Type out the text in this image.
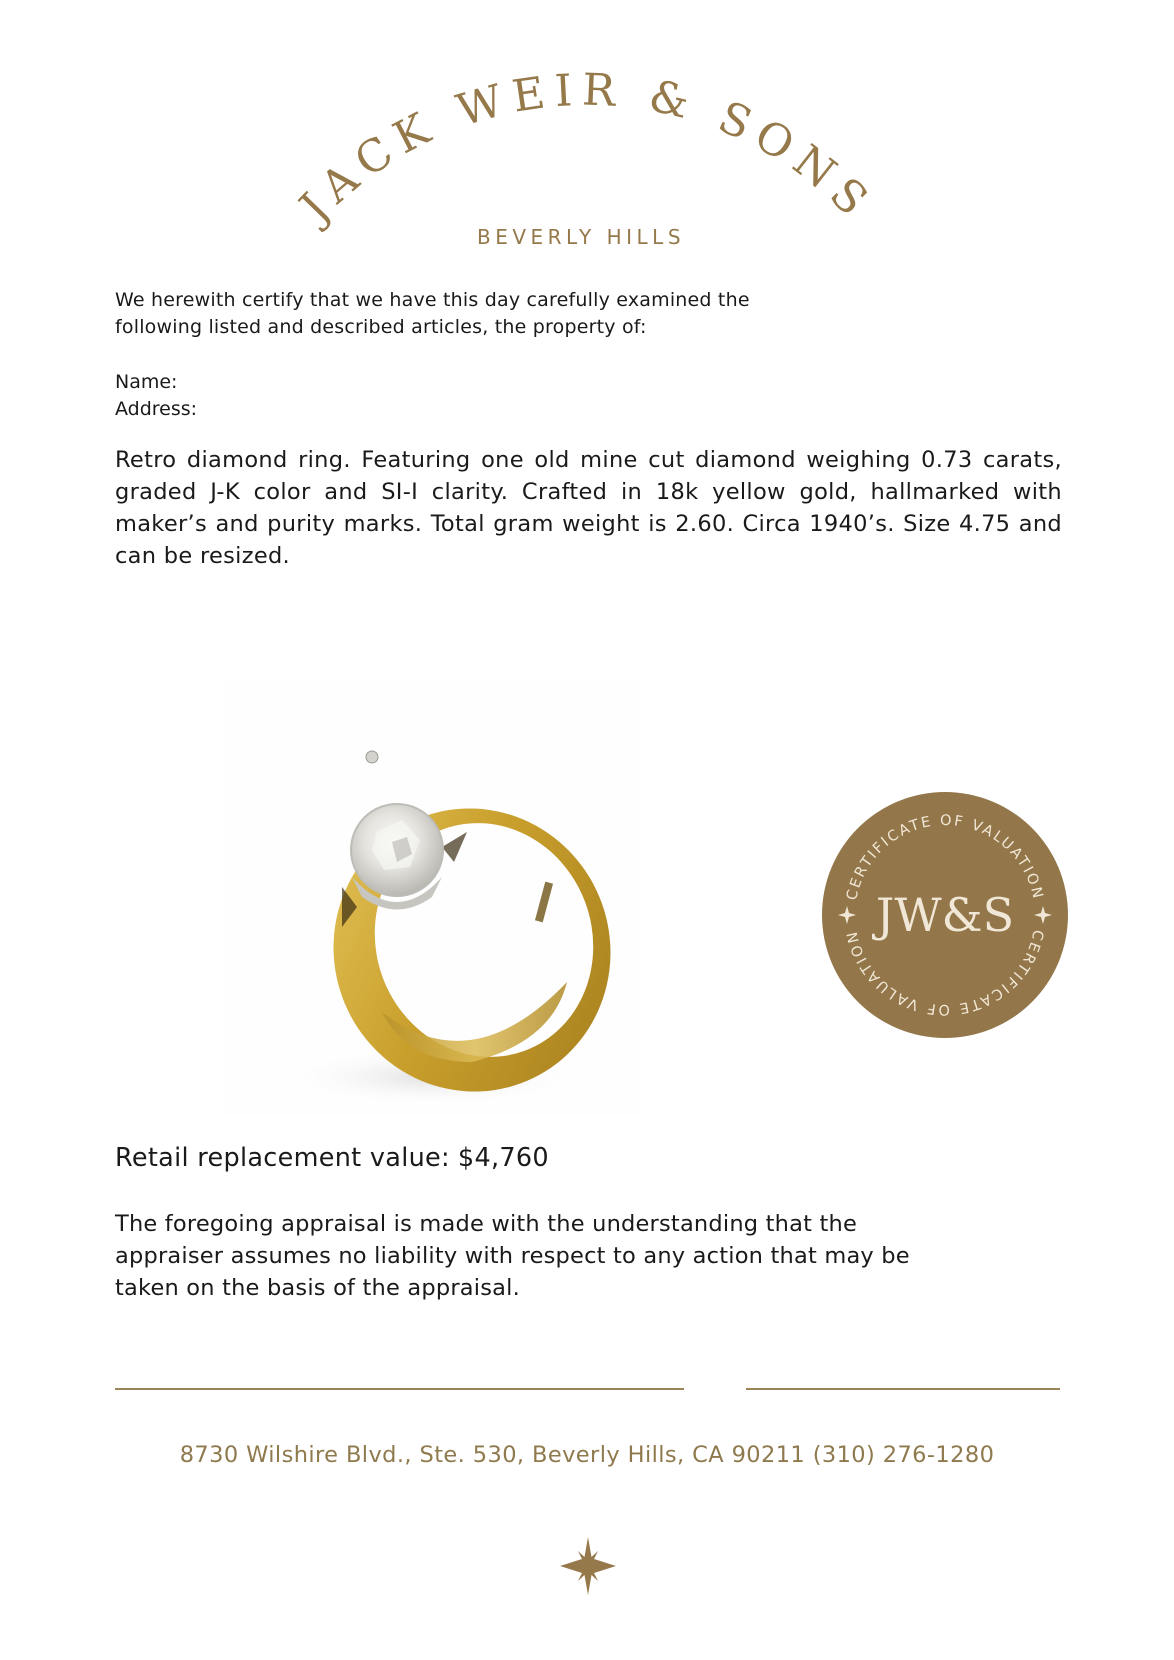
JACK WEIR & SONS
BEVERLY HILLS
We herewith certify that we have this day carefully examined the
following listed and described articles, the property of:
Name:
Address:
Retro diamond ring. Featuring one old mine cut diamond weighing 0.73 carats, graded J-K color and SI-I clarity. Crafted in 18k yellow gold, hallmarked with maker’s and purity marks. Total gram weight is 2.60. Circa 1940’s. Size 4.75 and can be resized.
CERTIFICATE OF VALUATION
CERTIFICATE OF VALUATION JW&S
Retail replacement value: $4,760
The foregoing appraisal is made with the understanding that the
appraiser assumes no liability with respect to any action that may be
taken on the basis of the appraisal.
8730 Wilshire Blvd., Ste. 530, Beverly Hills, CA 90211 (310) 276-1280
